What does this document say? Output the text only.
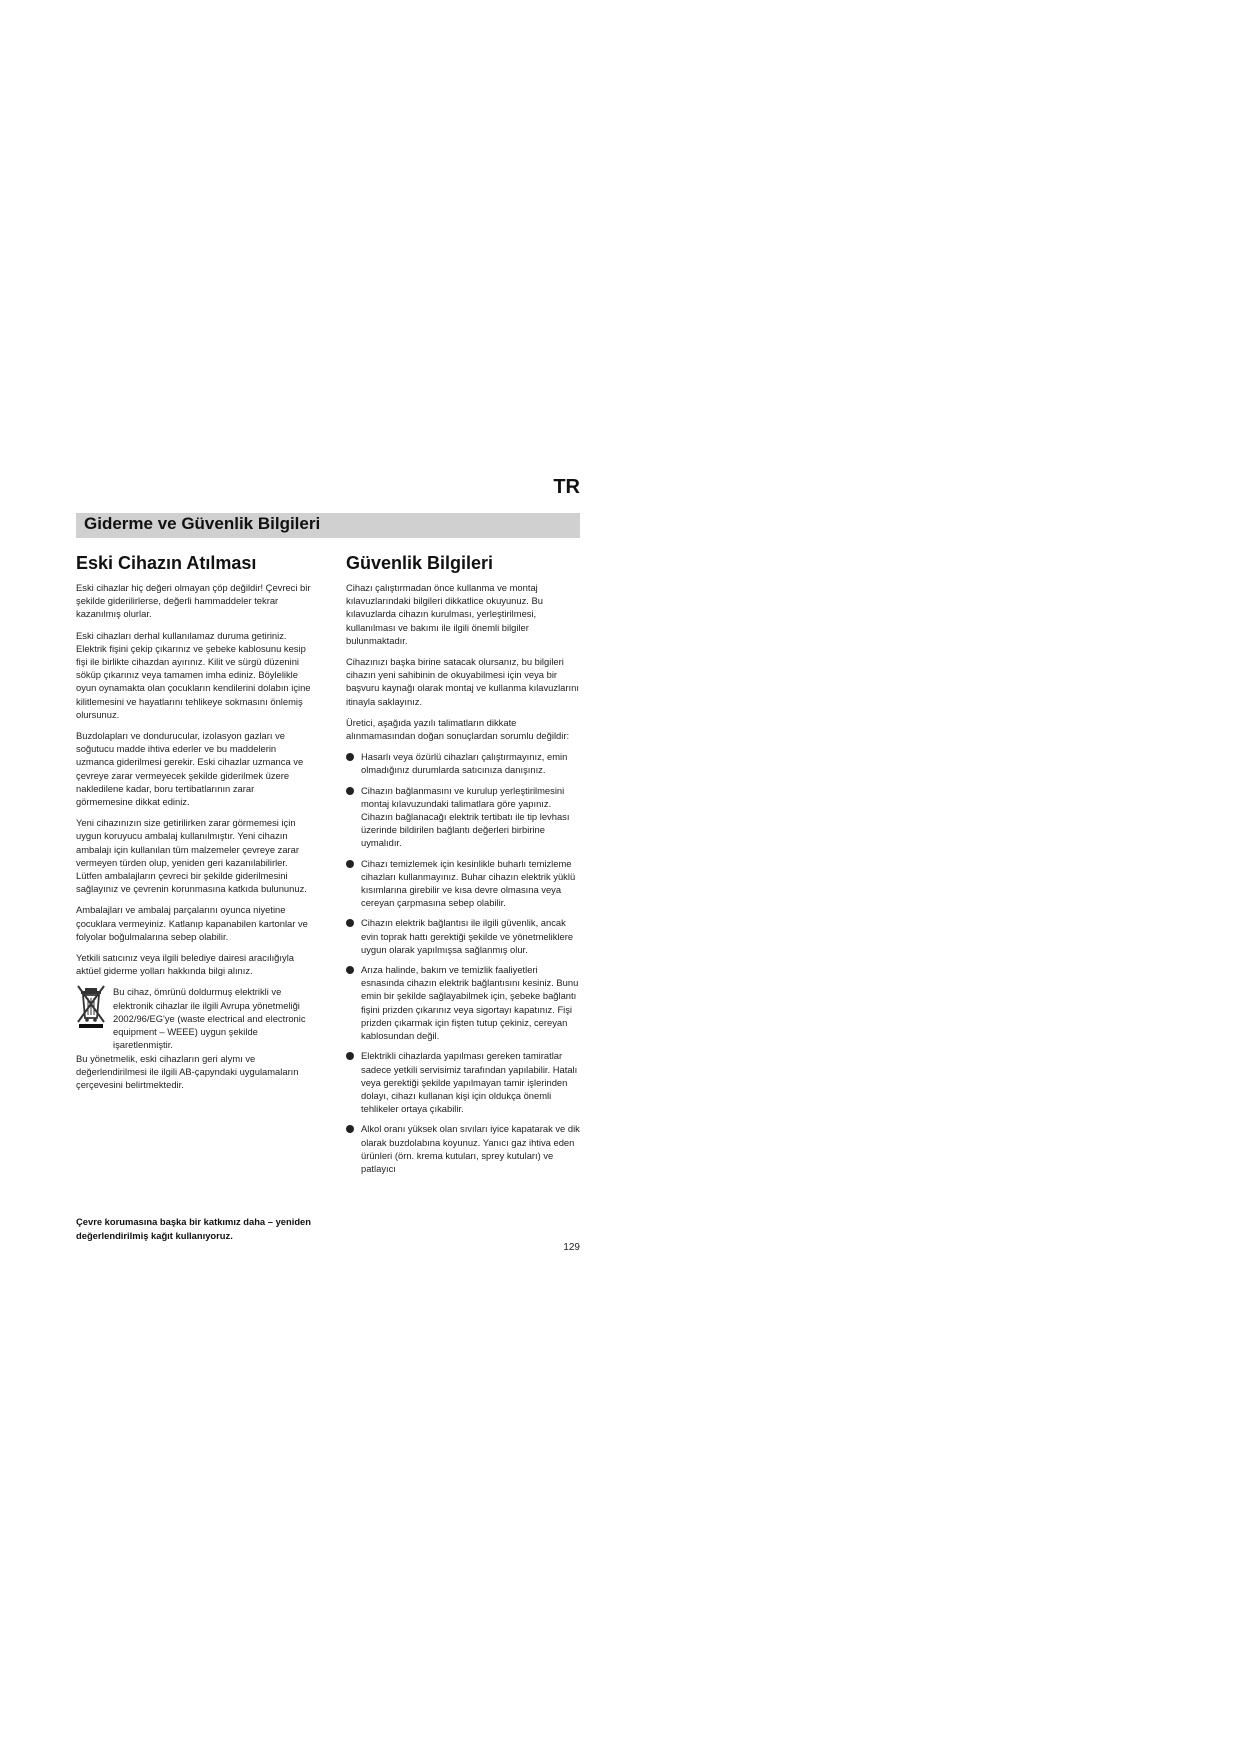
TR
Giderme ve Güvenlik Bilgileri
Eski Cihazın Atılması

Eski cihazlar hiç değeri olmayan çöp değildir! Çevreci bir şekilde giderilirlerse, değerli hammaddeler tekrar kazanılmış olurlar.

Eski cihazları derhal kullanılamaz duruma getiriniz. Elektrik fişini çekip çıkarınız ve şebeke kablosunu kesip fişi ile birlikte cihazdan ayırınız. Kilit ve sürgü düzenini söküp çıkarınız veya tamamen imha ediniz. Böylelikle oyun oynamakta olan çocukların kendilerini dolabın içine kilitlemesini ve hayatlarını tehlikeye sokmasını önlemiş olursunuz.

Buzdolapları ve dondurucular, izolasyon gazları ve soğutucu madde ihtiva ederler ve bu maddelerin uzmanca giderilmesi gerekir. Eski cihazlar uzmanca ve çevreye zarar vermeyecek şekilde giderilmek üzere nakledilene kadar, boru tertibatlarının zarar görmemesine dikkat ediniz.

Yeni cihazınızın size getirilirken zarar görmemesi için uygun koruyucu ambalaj kullanılmıştır. Yeni cihazın ambalajı için kullanılan tüm malzemeler çevreye zarar vermeyen türden olup, yeniden geri kazanılabilirler. Lütfen ambalajların çevreci bir şekilde giderilmesini sağlayınız ve çevrenin korunmasına katkıda bulununuz.

Ambalajları ve ambalaj parçalarını oyunca niyetine çocuklara vermeyiniz. Katlanıp kapanabilen kartonlar ve folyolar boğulmalarına sebep olabilir.

Yetkili satıcınız veya ilgili belediye dairesi aracılığıyla aktüel giderme yolları hakkında bilgi alınız.

Bu cihaz, ömrünü doldurmuş elektrikli ve elektronik cihazlar ile ilgili Avrupa yönetmeliği 2002/96/EG'ye (waste electrical and electronic equipment – WEEE) uygun şekilde işaretlenmiştir.

Bu yönetmelik, eski cihazların geri alymı ve değerlendirilmesi ile ilgili AB-çapyndaki uygulamaların çerçevesini belirtmektedir.

Çevre korumasına başka bir katkımız daha – yeniden değerlendirilmiş kağıt kullanıyoruz.
Güvenlik Bilgileri

Cihazı çalıştırmadan önce kullanma ve montaj kılavuzlarındaki bilgileri dikkatlice okuyunuz. Bu kılavuzlarda cihazın kurulması, yerleştirilmesi, kullanılması ve bakımı ile ilgili önemli bilgiler bulunmaktadır.

Cihazınızı başka birine satacak olursanız, bu bilgileri cihazın yeni sahibinin de okuyabilmesi için veya bir başvuru kaynağı olarak montaj ve kullanma kılavuzlarını itinayla saklayınız.

Üretici, aşağıda yazılı talimatların dikkate alınmamasından doğan sonuçlardan sorumlu değildir:

Hasarlı veya özürlü cihazları çalıştırmayınız, emin olmadığınız durumlarda satıcınıza danışınız.
Cihazın bağlanmasını ve kurulup yerleştirilmesini montaj kılavuzundaki talimatlara göre yapınız. Cihazın bağlanacağı elektrik tertibatı ile tip levhası üzerinde bildirilen bağlantı değerleri birbirine uymalıdır.
Cihazı temizlemek için kesinlikle buharlı temizleme cihazları kullanmayınız. Buhar cihazın elektrik yüklü kısımlarına girebilir ve kısa devre olmasına veya cereyan çarpmasına sebep olabilir.
Cihazın elektrik bağlantısı ile ilgili güvenlik, ancak evin toprak hattı gerektiği şekilde ve yönetmeliklere uygun olarak yapılmışsa sağlanmış olur.
Arıza halinde, bakım ve temizlik faaliyetleri esnasında cihazın elektrik bağlantısını kesiniz. Bunu emin bir şekilde sağlayabilmek için, şebeke bağlantı fişini prizden çıkarınız veya sigortayı kapatınız. Fişi prizden çıkarmak için fişten tutup çekiniz, cereyan kablosundan değil.
Elektrikli cihazlarda yapılması gereken tamiratlar sadece yetkili servisimiz tarafından yapılabilir. Hatalı veya gerektiği şekilde yapılmayan tamir işlerinden dolayı, cihazı kullanan kişi için oldukça önemli tehlikeler ortaya çıkabilir.
Alkol oranı yüksek olan sıvıları iyice kapatarak ve dik olarak buzdolabına koyunuz. Yanıcı gaz ihtiva eden ürünleri (örn. krema kutuları, sprey kutuları) ve patlayıcı
129
